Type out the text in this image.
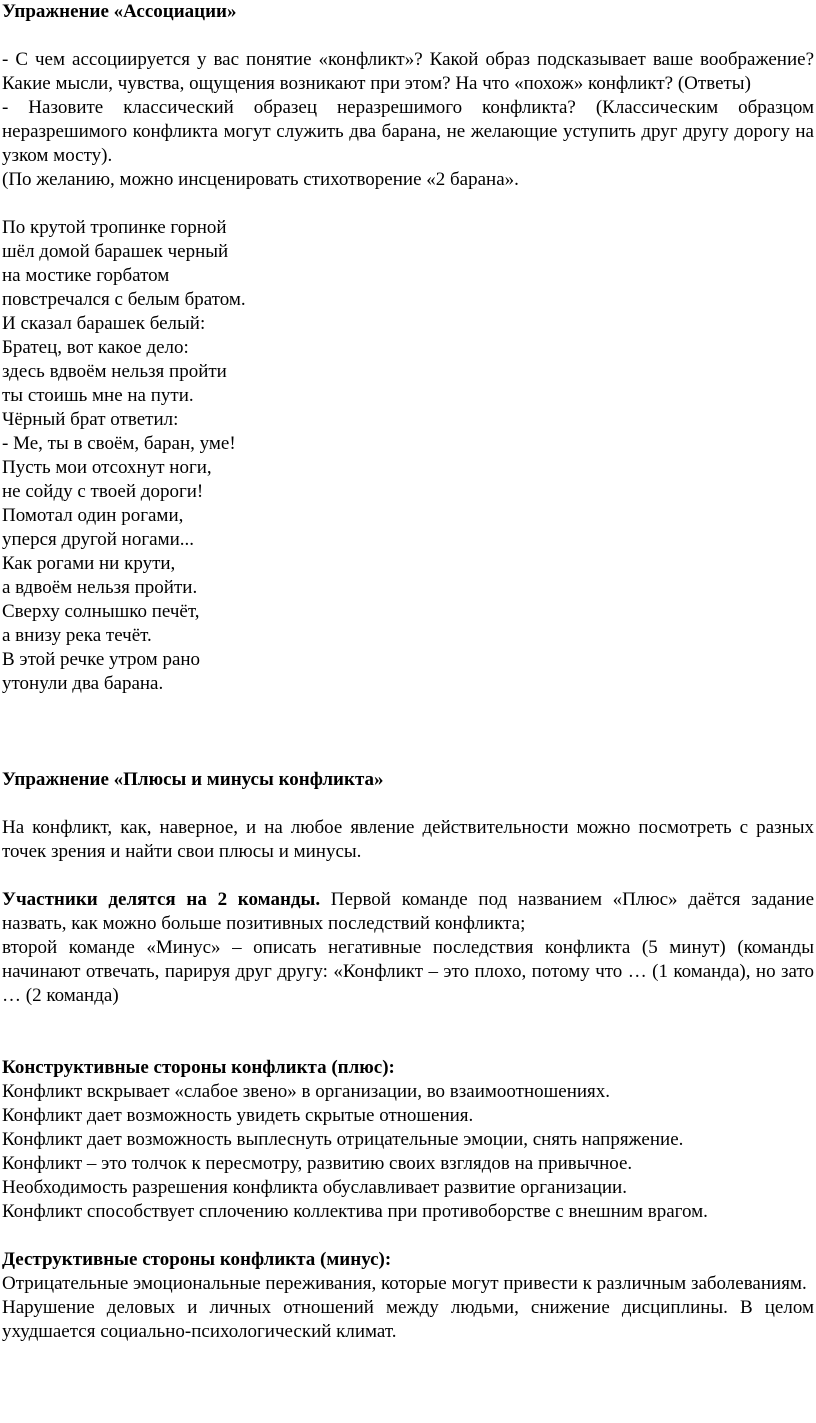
Упражнение «Ассоциации»

- С чем ассоциируется у вас понятие «конфликт»? Какой образ подсказывает ваше воображение? Какие мысли, чувства, ощущения возникают при этом? На что «похож» конфликт? (Ответы)

- Назовите классический образец неразрешимого конфликта? (Классическим образцом неразрешимого конфликта могут служить два барана, не желающие уступить друг другу дорогу на узком мосту).

(По желанию, можно инсценировать стихотворение «2 барана».

По крутой тропинке горной

шёл домой барашек черный

на мостике горбатом

повстречался с белым братом.

И сказал барашек белый:

Братец, вот какое дело:

здесь вдвоём нельзя пройти

ты стоишь мне на пути.

Чёрный брат ответил:

- Ме, ты в своём, баран, уме!

Пусть мои отсохнут ноги,

не сойду с твоей дороги!

Помотал один рогами,

уперся другой ногами...

Как рогами ни крути,

а вдвоём нельзя пройти.

Сверху солнышко печёт,

а внизу река течёт.

В этой речке утром рано

утонули два барана.

Упражнение «Плюсы и минусы конфликта»

На конфликт, как, наверное, и на любое явление действительности можно посмотреть с разных точек зрения и найти свои плюсы и минусы.

Участники делятся на 2 команды. Первой команде под названием «Плюс» даётся задание назвать, как можно больше позитивных последствий конфликта;

второй команде «Минус» – описать негативные последствия конфликта (5 минут) (команды начинают отвечать, парируя друг другу: «Конфликт – это плохо, потому что … (1 команда), но зато … (2 команда)

Конструктивные стороны конфликта (плюс):

Конфликт вскрывает «слабое звено» в организации, во взаимоотношениях.

Конфликт дает возможность увидеть скрытые отношения.

Конфликт дает возможность выплеснуть отрицательные эмоции, снять напряжение.

Конфликт – это толчок к пересмотру, развитию своих взглядов на привычное.

Необходимость разрешения конфликта обуславливает развитие организации.

Конфликт способствует сплочению коллектива при противоборстве с внешним врагом.

Деструктивные стороны конфликта (минус):

Отрицательные эмоциональные переживания, которые могут привести к различным заболеваниям.

Нарушение деловых и личных отношений между людьми, снижение дисциплины. В целом ухудшается социально-психологический климат.
